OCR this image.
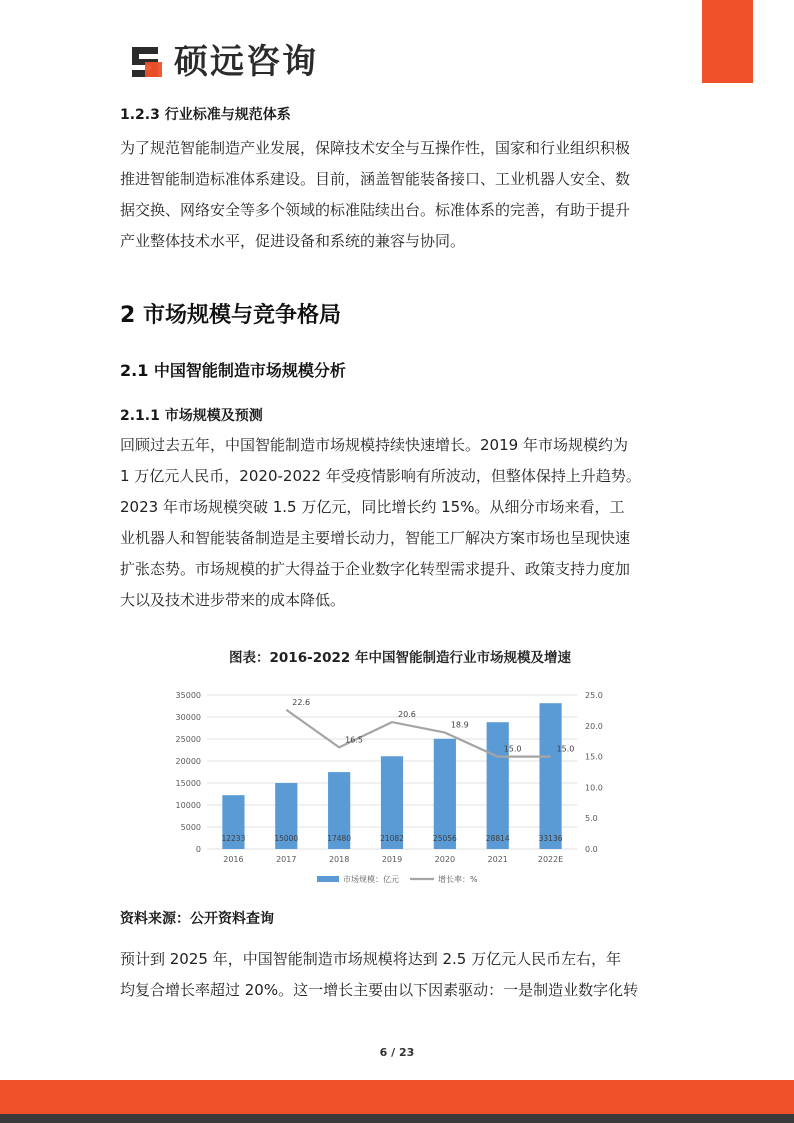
硕远咨询
1.2.3 行业标准与规范体系
为了规范智能制造产业发展，保障技术安全与互操作性，国家和行业组织积极
推进智能制造标准体系建设。目前，涵盖智能装备接口、工业机器人安全、数
据交换、网络安全等多个领域的标准陆续出台。标准体系的完善，有助于提升
产业整体技术水平，促进设备和系统的兼容与协同。
2 市场规模与竞争格局
2.1 中国智能制造市场规模分析
2.1.1 市场规模及预测
回顾过去五年，中国智能制造市场规模持续快速增长。2019 年市场规模约为
1 万亿元人民币，2020-2022 年受疫情影响有所波动，但整体保持上升趋势。
2023 年市场规模突破 1.5 万亿元，同比增长约 15%。从细分市场来看，工
业机器人和智能装备制造是主要增长动力，智能工厂解决方案市场也呈现快速
扩张态势。市场规模的扩大得益于企业数字化转型需求提升、政策支持力度加
大以及技术进步带来的成本降低。
图表：2016-2022 年中国智能制造行业市场规模及增速
0
5000
10000
15000
20000
25000
30000
35000
0.0
5.0
10.0
15.0
20.0
25.0
12233
2016
15000
2017
17480
2018
21082
2019
25056
2020
28814
2021
33136
2022E
22.6
16.5
20.6
18.9
15.0	15.0
市场规模：亿元	增长率：%
资料来源：公开资料查询
预计到 2025 年，中国智能制造市场规模将达到 2.5 万亿元人民币左右，年
均复合增长率超过 20%。这一增长主要由以下因素驱动：一是制造业数字化转
6 / 23
